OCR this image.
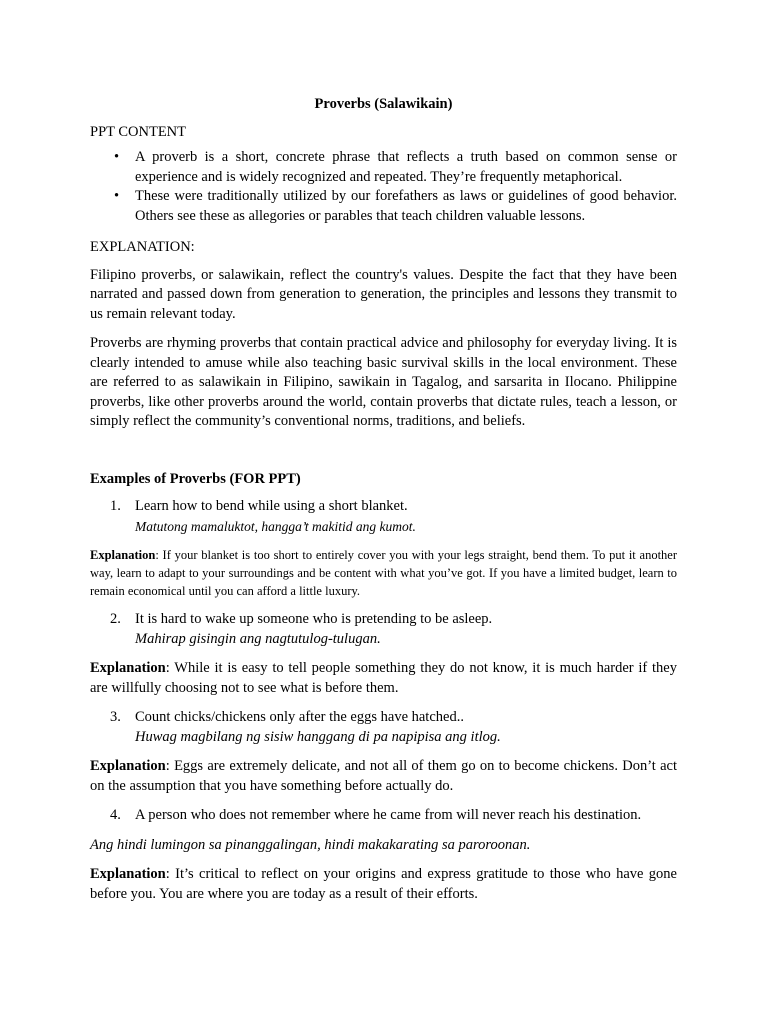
Proverbs (Salawikain)

PPT CONTENT

• A proverb is a short, concrete phrase that reflects a truth based on common sense or experience and is widely recognized and repeated. They’re frequently metaphorical.
• These were traditionally utilized by our forefathers as laws or guidelines of good behavior. Others see these as allegories or parables that teach children valuable lessons.

EXPLANATION:

Filipino proverbs, or salawikain, reflect the country's values. Despite the fact that they have been narrated and passed down from generation to generation, the principles and lessons they transmit to us remain relevant today.

Proverbs are rhyming proverbs that contain practical advice and philosophy for everyday living. It is clearly intended to amuse while also teaching basic survival skills in the local environment. These are referred to as salawikain in Filipino, sawikain in Tagalog, and sarsarita in Ilocano. Philippine proverbs, like other proverbs around the world, contain proverbs that dictate rules, teach a lesson, or simply reflect the community’s conventional norms, traditions, and beliefs.

Examples of Proverbs (FOR PPT)

1. Learn how to bend while using a short blanket.
Matutong mamaluktot, hangga’t makitid ang kumot.

Explanation: If your blanket is too short to entirely cover you with your legs straight, bend them. To put it another way, learn to adapt to your surroundings and be content with what you’ve got. If you have a limited budget, learn to remain economical until you can afford a little luxury.

2. It is hard to wake up someone who is pretending to be asleep.
Mahirap gisingin ang nagtutulog-tulugan.

Explanation: While it is easy to tell people something they do not know, it is much harder if they are willfully choosing not to see what is before them.

3. Count chicks/chickens only after the eggs have hatched..
Huwag magbilang ng sisiw hanggang di pa napipisa ang itlog.

Explanation: Eggs are extremely delicate, and not all of them go on to become chickens. Don’t act on the assumption that you have something before actually do.

4. A person who does not remember where he came from will never reach his destination.

Ang hindi lumingon sa pinanggalingan, hindi makakarating sa paroroonan.

Explanation: It’s critical to reflect on your origins and express gratitude to those who have gone before you. You are where you are today as a result of their efforts.
